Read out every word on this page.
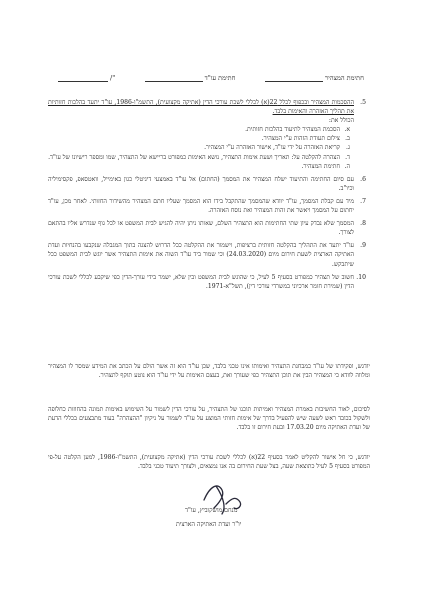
חתימת המצהיר
חתימת עו"ד
"/
5.
ההסכמות המצהיר ובכפוף לכלל 22(א) לכללי לשכת עורכי הדין (אתיקה מקצועית), התשמ"ו-1986, עו"ד יתעד בהלכות חזותיות את תהליך האזהרה והאימות בלבד.
הכולל את:
א.
הסכמת המצהיר לתיעוד בהלכות חזותית.
ב.
צילום תעודת הזהות ע"י המצהיר.
ג.
קריאת האזהרה על ידי עו"ד, אישור האזהרה ע"י המצהיר.
ד.
הצהרה להקלטה על: תאריך ושעת אימות התצהיר, נושא האימות כמפורט בריישא של התצהיר, שמו ומספר רישיונו של עו"ד.
ה.
חתימת המצהיר.
6.
עם סיום החתימה והתיעוד ישלח המצהיר את המסמך (החתום) אל עו"ד באמצעי דיגיטלי כגון באימייל, וואטסאפ, פקסימיליה וכיו"ב.
7.
מיד עם קבלת המסמך, עו"ד יוודא שהמסמך שהתקבל בידו הוא המסמך שעליו חתם המצהיר מהשידור החזותי. לאחר מכן, עו"ד יחתום על המסמך ויאשר את זהות המצהיר ואת נוסח האזהרה.
8.
המסמך שלא נבדק עיון שתי החתימות הוא התצהיר השלם, שאותו ניתן יהיה להגיש לבית המשפט או לכל גוף שנדרש אליו בהתאם לצורך.
9.
עו"ד יתעד את התהליך בהקלטה חזותית ברציפות, וישמור את ההקלטה ככל הדרוש להצגה בתוך המגבלה שנקבעו בהנחיות ועדת האתיקה הארצית לשעת חירום מיום (24.03.2020) וכי שמור ביד עו"ד השוה את אימות התצהיר אשר יוגש לבית המשפט ככל שיתבקש.
10.
חשוב של תצהיר כמפורט בסעיף 5 לעיל, כי שהוגש לבית המשפט ובין שלא, ישמר בידי עורך-הדין כפי שיקבע לכללי לשכת עורכי הדין (שמירת חומר ארכיוני במשרדי עורכי דין), תשל"א-1971.

יודגש, ופקידתו של עו"ד כמבחנת התצהיר ואימותו אינו טכני בלבד, שכן עו"ד הוא זה אשר הולם על הכתב את המידע שמסר לו המצהיר ומלווה לוודא כי המצהיר הבין את תוכן התצהיר כפי שעורך ואת, בעצם האימות על ידי עו"ד הוא נוטע תוקף לתצהיר.

לסיכום, לאור החשיבות באמרת המצהיר ואמיתות תוכנו של התצהיר, על עורכי הדין לשמור על השימוש באימות תמונה בהחוזות כחלופה ולשקול בכובד ראש לשעה שיש להפעיל בדרך של אימות חזותי המוצע על עו"ד לשמור על ניקיון "ההצהרה" בעוד מתבצעים בכללי הדעת של ועדת האתיקה מיום 17.03.20 ובעת חירום זו בלבד.

יודגש, כי חל אישור להקליט לאמר בסעיף 22(א) לכללי לשכת עורכי הדין (אתיקה מקצועית), התשמ"ו-1986, למען הקלטה על-פי המפורט בסעיף 5 לעיל כתוצאת שעה, בצל שעת החירום בה אנו נמצאים, ולצורך תיעוד טכני בלבד.

מנחם מושקוביץ, עו"ד
יו"ר ועדת האתיקה הארצית
